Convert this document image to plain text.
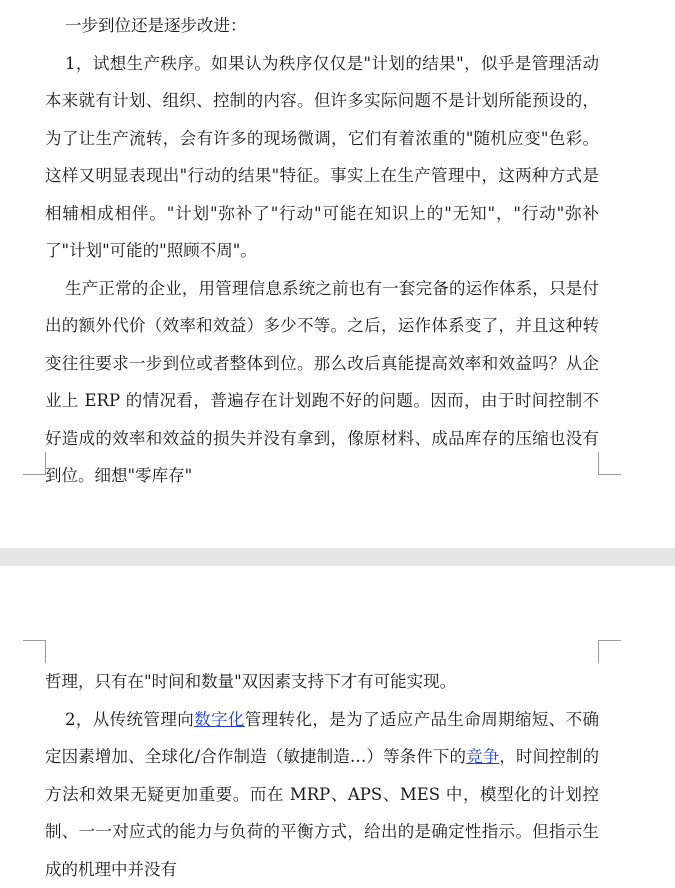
一步到位还是逐步改进：

1，试想生产秩序。如果认为秩序仅仅是"计划的结果"，似乎是管理活动本来就有计划、组织、控制的内容。但许多实际问题不是计划所能预设的，为了让生产流转，会有许多的现场微调，它们有着浓重的"随机应变"色彩。这样又明显表现出"行动的结果"特征。事实上在生产管理中，这两种方式是相辅相成相伴。"计划"弥补了"行动"可能在知识上的"无知"，"行动"弥补了"计划"可能的"照顾不周"。

生产正常的企业，用管理信息系统之前也有一套完备的运作体系，只是付出的额外代价（效率和效益）多少不等。之后，运作体系变了，并且这种转变往往要求一步到位或者整体到位。那么改后真能提高效率和效益吗？从企业上 ERP 的情况看，普遍存在计划跑不好的问题。因而，由于时间控制不好造成的效率和效益的损失并没有拿到，像原材料、成品库存的压缩也没有到位。细想"零库存"

哲理，只有在"时间和数量"双因素支持下才有可能实现。

2，从传统管理向数字化管理转化，是为了适应产品生命周期缩短、不确定因素增加、全球化/合作制造（敏捷制造…）等条件下的竞争，时间控制的方法和效果无疑更加重要。而在 MRP、APS、MES 中，模型化的计划控制、一一对应式的能力与负荷的平衡方式，给出的是确定性指示。但指示生成的机理中并没有
